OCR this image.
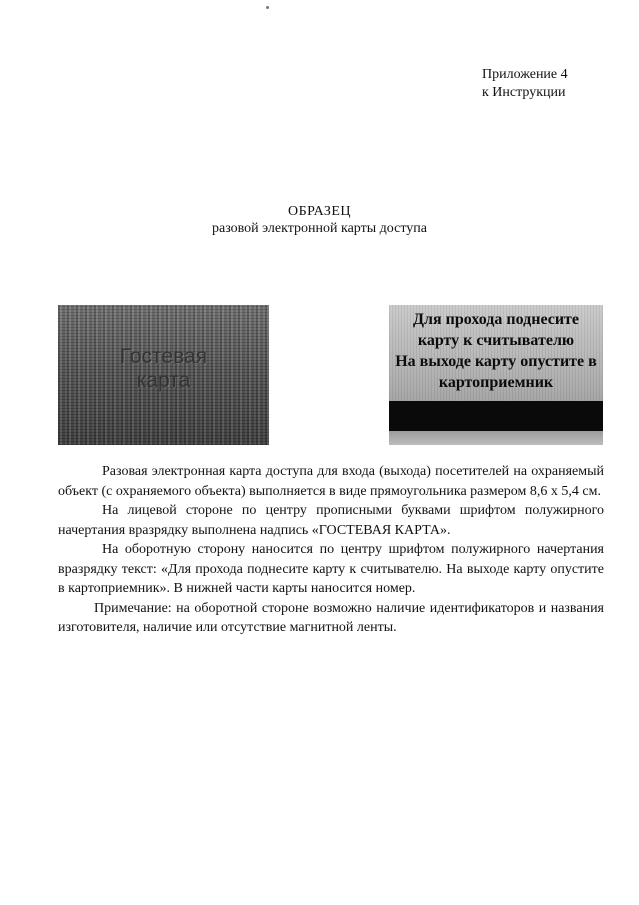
Приложение 4
к Инструкции
ОБРАЗЕЦ
разовой электронной карты доступа
Гостевая
карта
Для прохода поднесите
карту к считывателю
На выходе карту опустите в
картоприемник

Разовая электронная карта доступа для входа (выхода) посетителей на охраняемый объект (с охраняемого объекта) выполняется в виде прямоугольника размером 8,6 x 5,4 см.

На лицевой стороне по центру прописными буквами шрифтом полужирного начертания вразрядку выполнена надпись «ГОСТЕВАЯ КАРТА».

На оборотную сторону наносится по центру шрифтом полужирного начертания вразрядку текст: «Для прохода поднесите карту к считывателю. На выходе карту опустите в картоприемник». В нижней части карты наносится номер.

Примечание: на оборотной стороне возможно наличие идентификаторов и названия изготовителя, наличие или отсутствие магнитной ленты.
